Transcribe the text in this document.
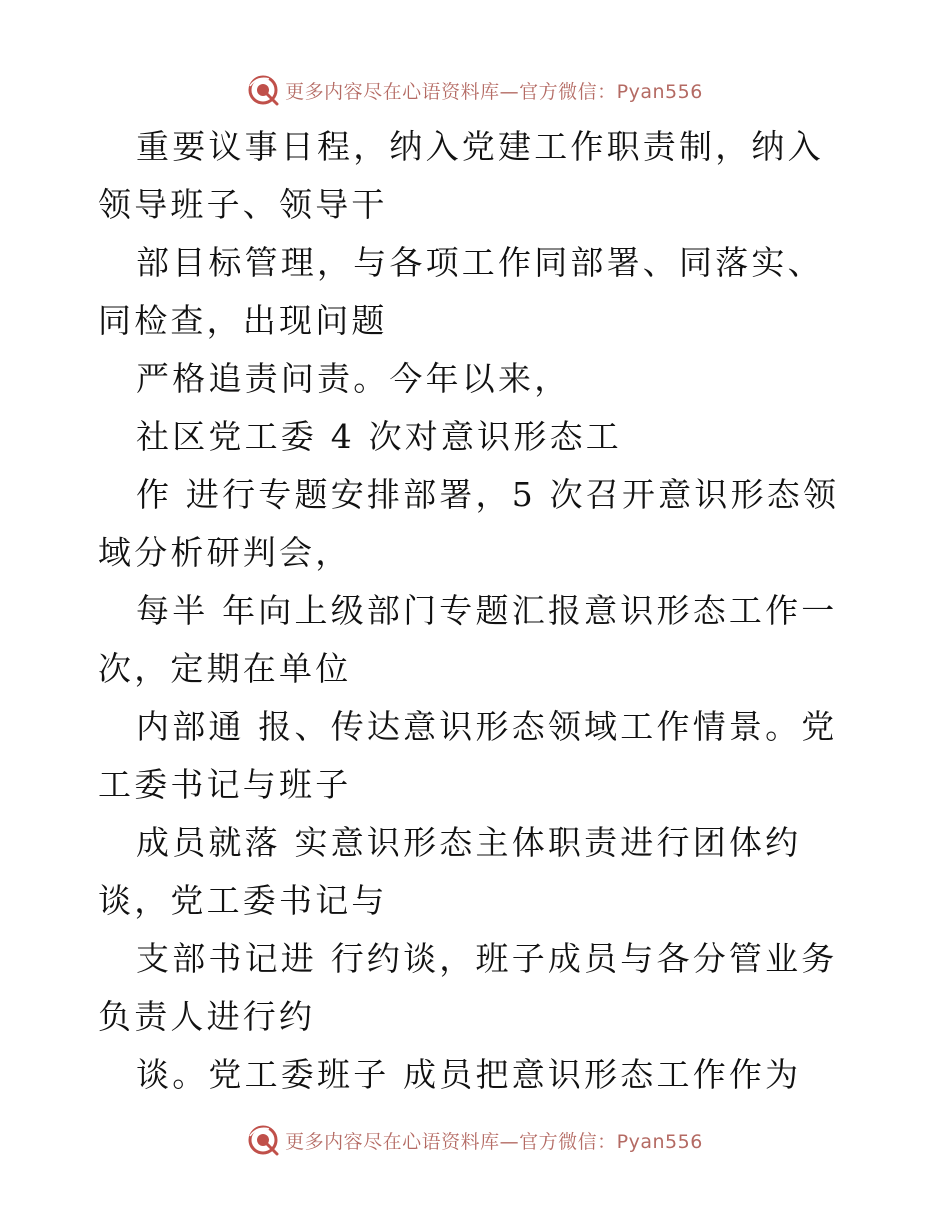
更多内容尽在心语资料库—官方微信：Pyan556

重要议事日程，纳入党建工作职责制，纳入领导班子、领导干

部目标管理，与各项工作同部署、同落实、同检查，出现问题

严格追责问责。今年以来，

社区党工委 4 次对意识形态工

作 进行专题安排部署，5 次召开意识形态领域分析研判会，

每半 年向上级部门专题汇报意识形态工作一次，定期在单位

内部通 报、传达意识形态领域工作情景。党工委书记与班子

成员就落 实意识形态主体职责进行团体约谈，党工委书记与

支部书记进 行约谈，班子成员与各分管业务负责人进行约

谈。党工委班子 成员把意识形态工作作为

更多内容尽在心语资料库—官方微信：Pyan556
